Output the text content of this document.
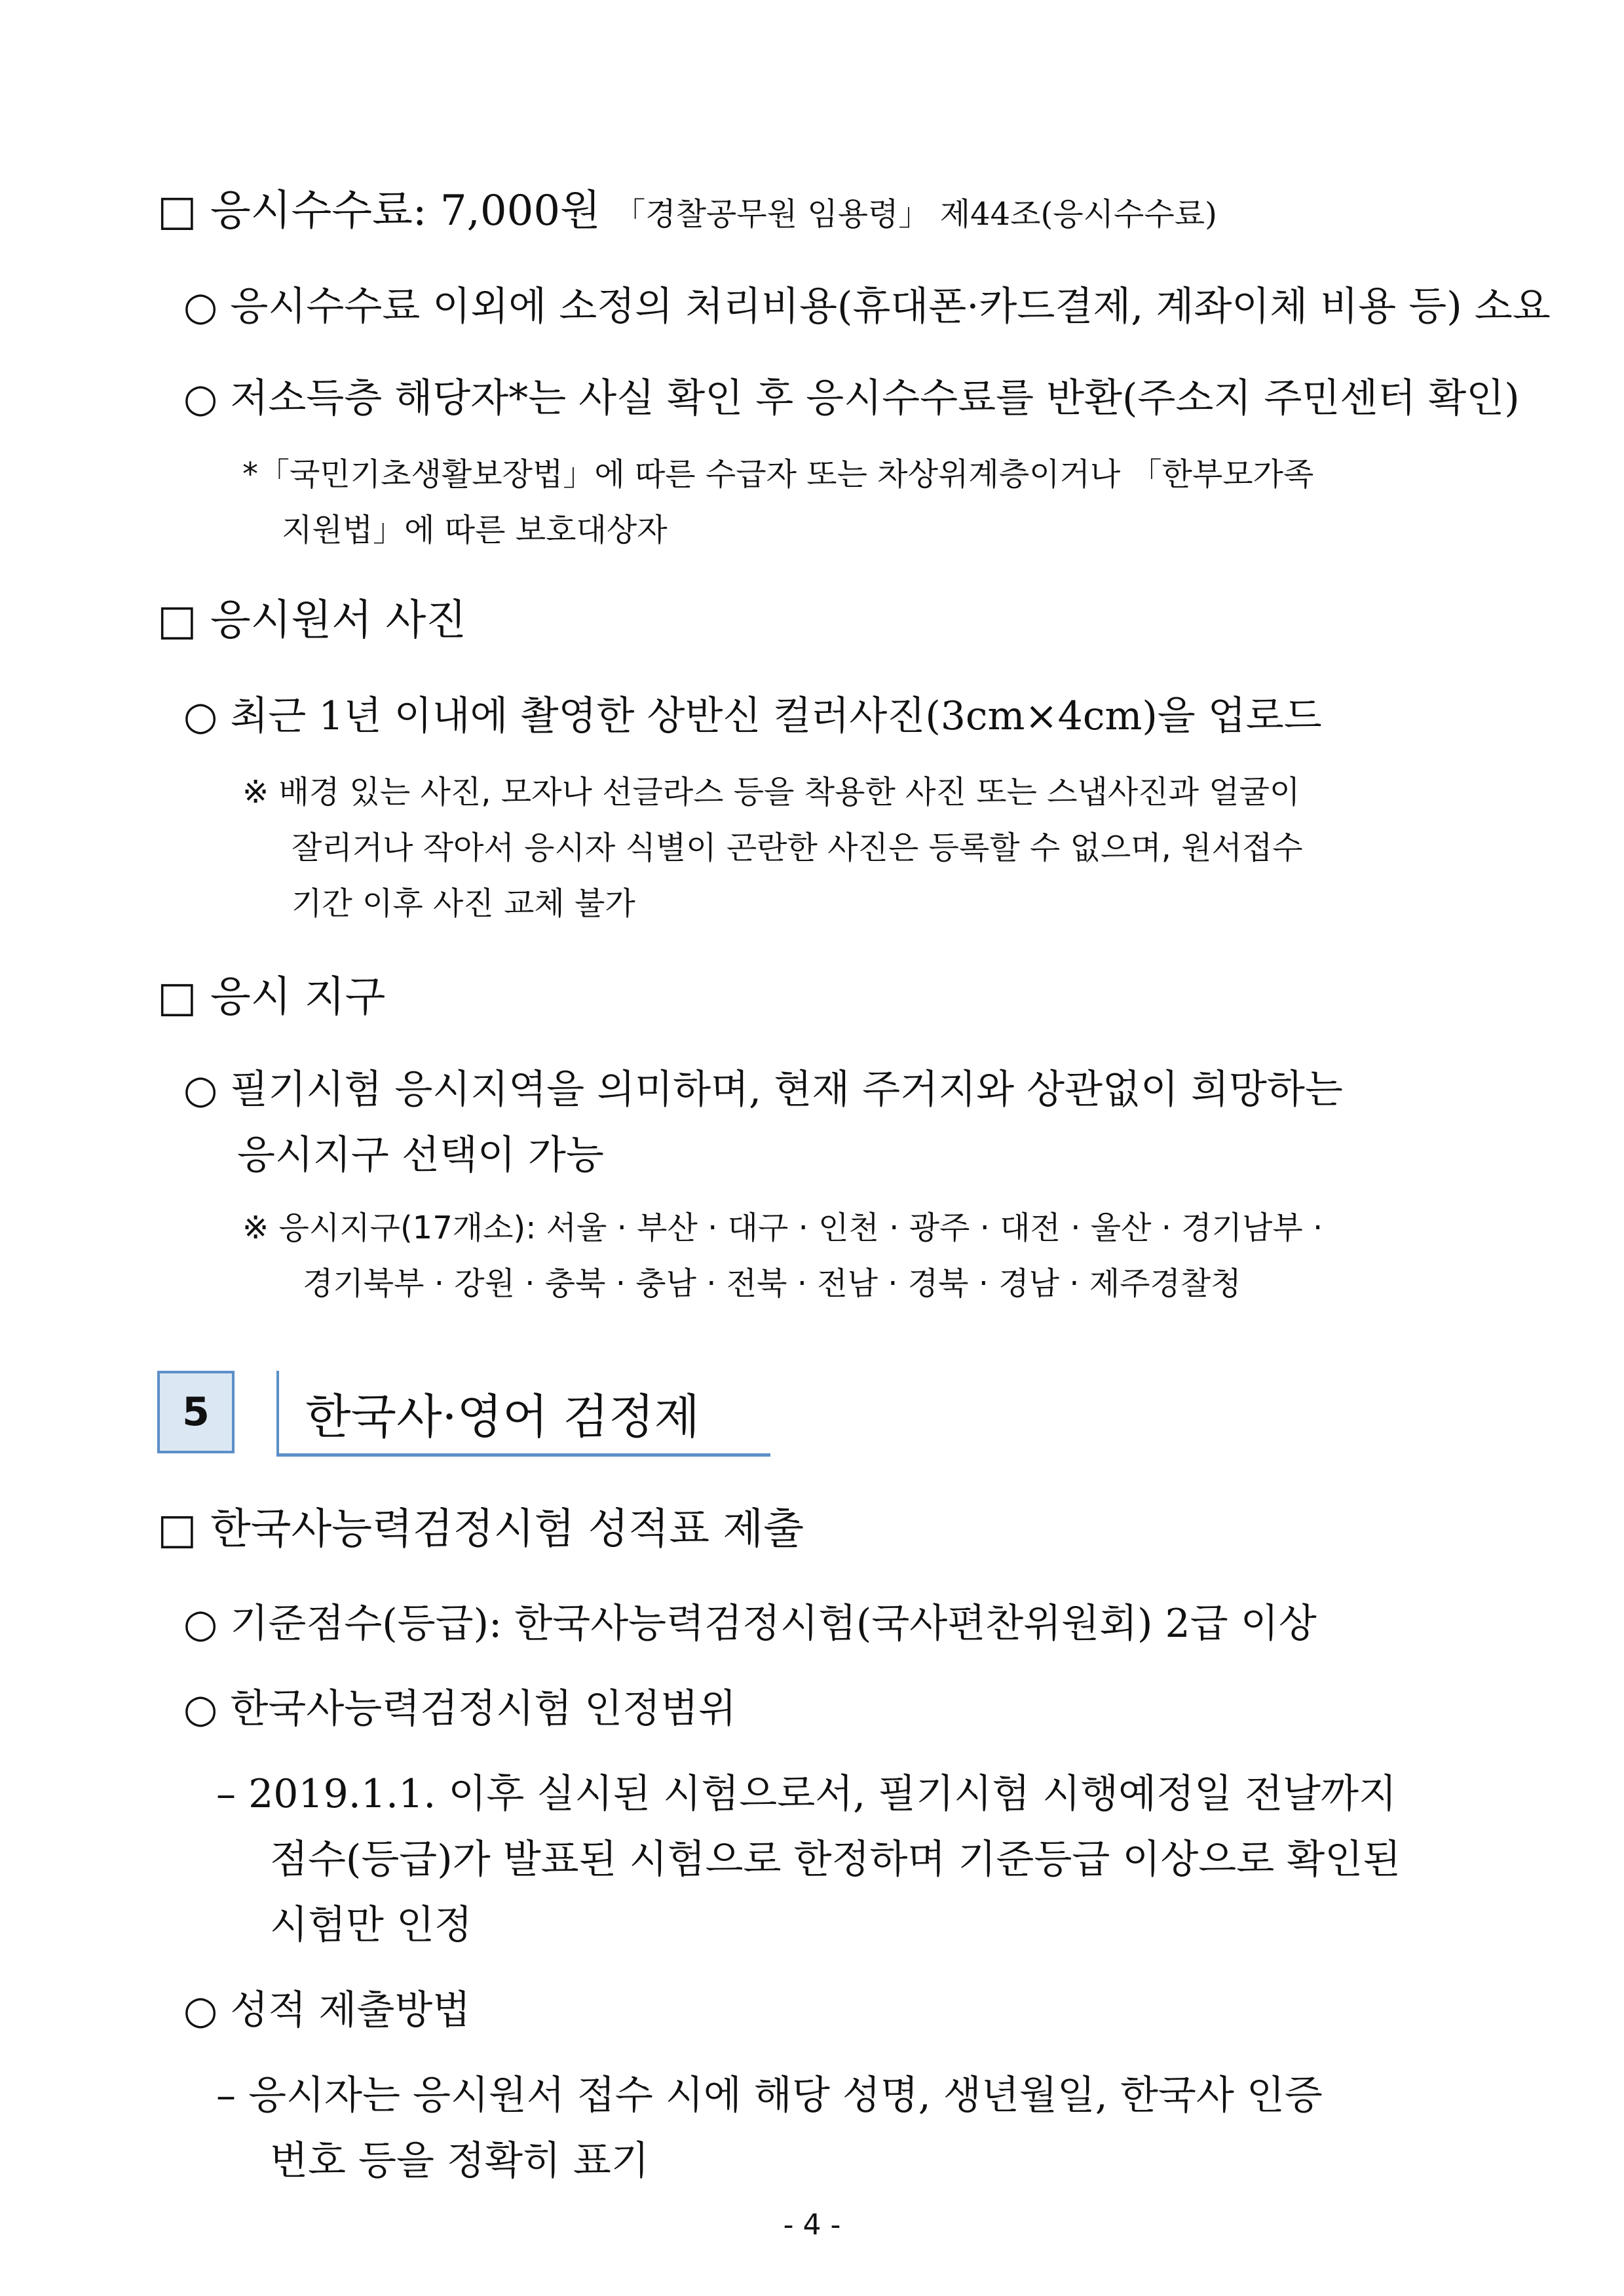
□ 응시수수료: 7,000원 「경찰공무원 임용령」 제44조(응시수수료)
○ 응시수수료 이외에 소정의 처리비용(휴대폰·카드결제, 계좌이체 비용 등) 소요
○ 저소득층 해당자*는 사실 확인 후 응시수수료를 반환(주소지 주민센터 확인)
*「국민기초생활보장법」에 따른 수급자 또는 차상위계층이거나 「한부모가족
지원법」에 따른 보호대상자
□ 응시원서 사진
○ 최근 1년 이내에 촬영한 상반신 컬러사진(3cm×4cm)을 업로드
※ 배경 있는 사진, 모자나 선글라스 등을 착용한 사진 또는 스냅사진과 얼굴이
잘리거나 작아서 응시자 식별이 곤란한 사진은 등록할 수 없으며, 원서접수
기간 이후 사진 교체 불가
□ 응시 지구
○ 필기시험 응시지역을 의미하며, 현재 주거지와 상관없이 희망하는
응시지구 선택이 가능
※ 응시지구(17개소): 서울 · 부산 · 대구 · 인천 · 광주 · 대전 · 울산 · 경기남부 ·
경기북부 · 강원 · 충북 · 충남 · 전북 · 전남 · 경북 · 경남 · 제주경찰청
5 한국사·영어 검정제
□ 한국사능력검정시험 성적표 제출
○ 기준점수(등급): 한국사능력검정시험(국사편찬위원회) 2급 이상
○ 한국사능력검정시험 인정범위
– 2019.1.1. 이후 실시된 시험으로서, 필기시험 시행예정일 전날까지
점수(등급)가 발표된 시험으로 한정하며 기준등급 이상으로 확인된
시험만 인정
○ 성적 제출방법
– 응시자는 응시원서 접수 시에 해당 성명, 생년월일, 한국사 인증
번호 등을 정확히 표기
- 4 -
